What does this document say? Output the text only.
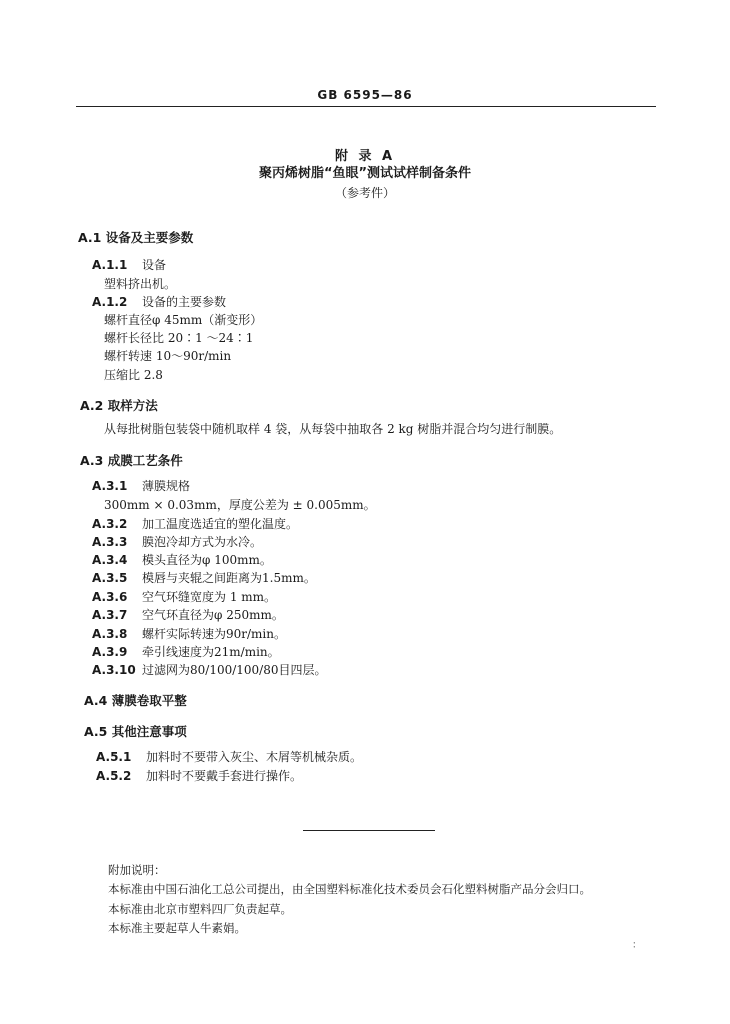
GB 6595—86
附 录 A
聚丙烯树脂“鱼眼”测试试样制备条件
（参考件）
A.1 设备及主要参数
A.1.1 设备
塑料挤出机。
A.1.2 设备的主要参数
螺杆直径φ 45mm（渐变形）
螺杆长径比 20∶1 ～24∶1
螺杆转速 10～90r/min
压缩比 2.8
A.2 取样方法
从每批树脂包装袋中随机取样 4 袋，从每袋中抽取各 2 kg 树脂并混合均匀进行制膜。
A.3 成膜工艺条件
A.3.1 薄膜规格
300mm × 0.03mm，厚度公差为 ± 0.005mm。
A.3.2 加工温度选适宜的塑化温度。
A.3.3 膜泡冷却方式为水冷。
A.3.4 模头直径为φ 100mm。
A.3.5 模唇与夹辊之间距离为1.5mm。
A.3.6 空气环缝宽度为 1 mm。
A.3.7 空气环直径为φ 250mm。
A.3.8 螺杆实际转速为90r/min。
A.3.9 牵引线速度为21m/min。
A.3.10 过滤网为80/100/100/80目四层。
A.4 薄膜卷取平整
A.5 其他注意事项
A.5.1 加料时不要带入灰尘、木屑等机械杂质。
A.5.2 加料时不要戴手套进行操作。
附加说明：
本标准由中国石油化工总公司提出，由全国塑料标准化技术委员会石化塑料树脂产品分会归口。
本标准由北京市塑料四厂负责起草。
本标准主要起草人牛素娟。
：
